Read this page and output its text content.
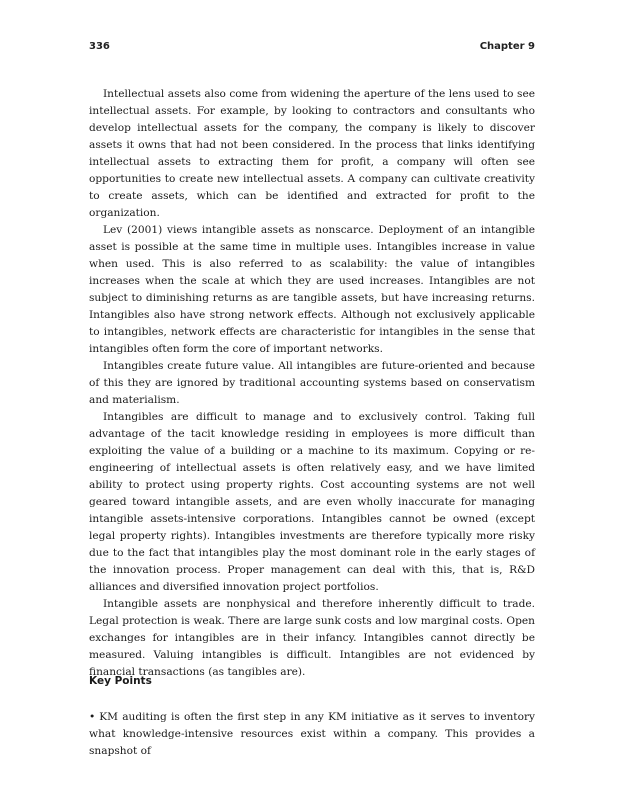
336	Chapter 9

Intellectual assets also come from widening the aperture of the lens used to see intellectual assets. For example, by looking to contractors and consultants who develop intellectual assets for the company, the company is likely to discover assets it owns that had not been considered. In the process that links identifying intellectual assets to extracting them for profit, a company will often see opportunities to create new intellectual assets. A company can cultivate creativity to create assets, which can be identified and extracted for profit to the organization.

Lev (2001) views intangible assets as nonscarce. Deployment of an intangible asset is possible at the same time in multiple uses. Intangibles increase in value when used. This is also referred to as scalability: the value of intangibles increases when the scale at which they are used increases. Intangibles are not subject to diminishing returns as are tangible assets, but have increasing returns. Intangibles also have strong network effects. Although not exclusively applicable to intangibles, network effects are characteristic for intangibles in the sense that intangibles often form the core of important networks.

Intangibles create future value. All intangibles are future-oriented and because of this they are ignored by traditional accounting systems based on conservatism and materialism.

Intangibles are difficult to manage and to exclusively control. Taking full advantage of the tacit knowledge residing in employees is more difficult than exploiting the value of a building or a machine to its maximum. Copying or re-engineering of intellectual assets is often relatively easy, and we have limited ability to protect using property rights. Cost accounting systems are not well geared toward intangible assets, and are even wholly inaccurate for managing intangible assets-intensive corporations. Intangibles cannot be owned (except legal property rights). Intangibles investments are therefore typically more risky due to the fact that intangibles play the most dominant role in the early stages of the innovation process. Proper management can deal with this, that is, R&D alliances and diversified innovation project portfolios.

Intangible assets are nonphysical and therefore inherently difficult to trade. Legal protection is weak. There are large sunk costs and low marginal costs. Open exchanges for intangibles are in their infancy. Intangibles cannot directly be measured. Valuing intangibles is difficult. Intangibles are not evidenced by financial transactions (as tangibles are).

Key Points
• KM auditing is often the first step in any KM initiative as it serves to inventory what knowledge-intensive resources exist within a company. This provides a snapshot of
